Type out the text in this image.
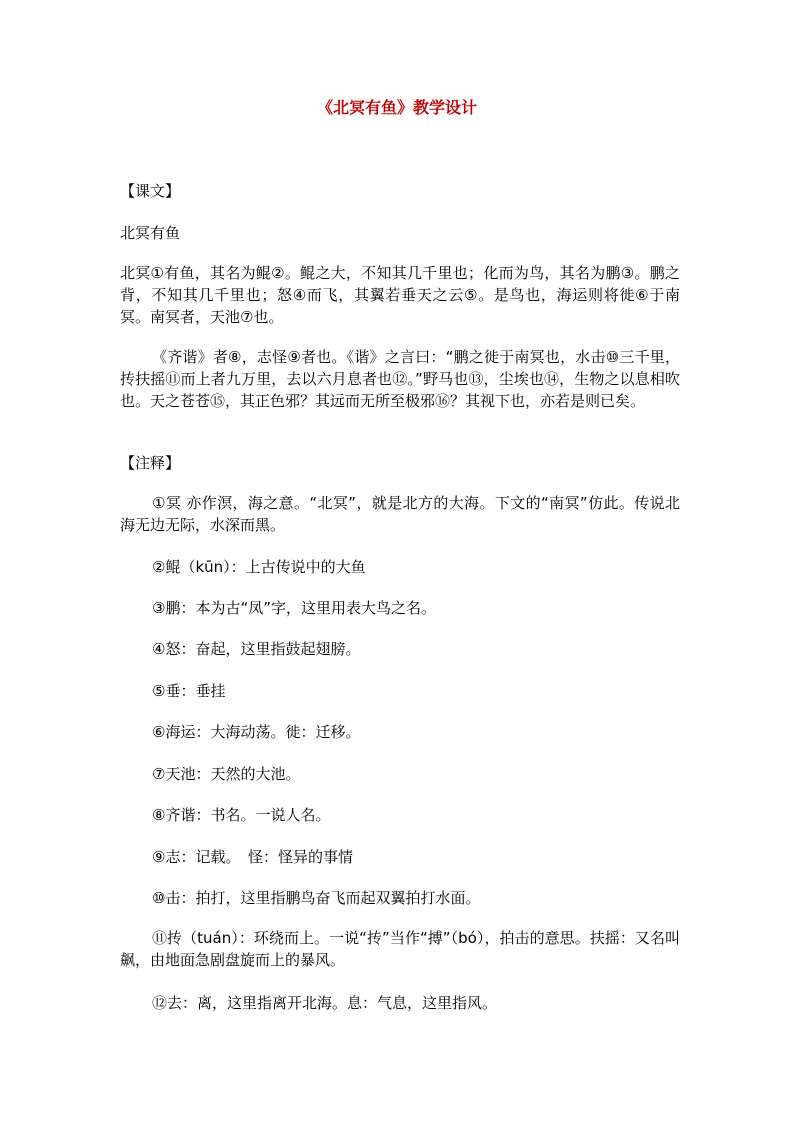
《北冥有鱼》教学设计
【课文】
北冥有鱼
北冥①有鱼，其名为鲲②。鲲之大，不知其几千里也；化而为鸟，其名为鹏③。鹏之背，不知其几千里也；怒④而飞，其翼若垂天之云⑤。是鸟也，海运则将徙⑥于南冥。南冥者，天池⑦也。
《齐谐》者⑧，志怪⑨者也。《谐》之言曰：“鹏之徙于南冥也，水击⑩三千里，抟扶摇⑪而上者九万里，去以六月息者也⑫。”野马也⑬，尘埃也⑭，生物之以息相吹也。天之苍苍⑮，其正色邪？其远而无所至极邪⑯？其视下也，亦若是则已矣。
【注释】
①冥 亦作溟，海之意。“北冥”，就是北方的大海。下文的“南冥”仿此。传说北海无边无际，水深而黑。
②鲲（kūn）：上古传说中的大鱼
③鹏：本为古“凤”字，这里用表大鸟之名。
④怒：奋起，这里指鼓起翅膀。
⑤垂：垂挂
⑥海运：大海动荡。徙：迁移。
⑦天池：天然的大池。
⑧齐谐：书名。一说人名。
⑨志：记载。　怪：怪异的事情
⑩击：拍打，这里指鹏鸟奋飞而起双翼拍打水面。
⑪抟（tuán）：环绕而上。一说“抟”当作“搏”（bó），拍击的意思。扶摇：又名叫飙，由地面急剧盘旋而上的暴风。
⑫去：离，这里指离开北海。息：气息，这里指风。
